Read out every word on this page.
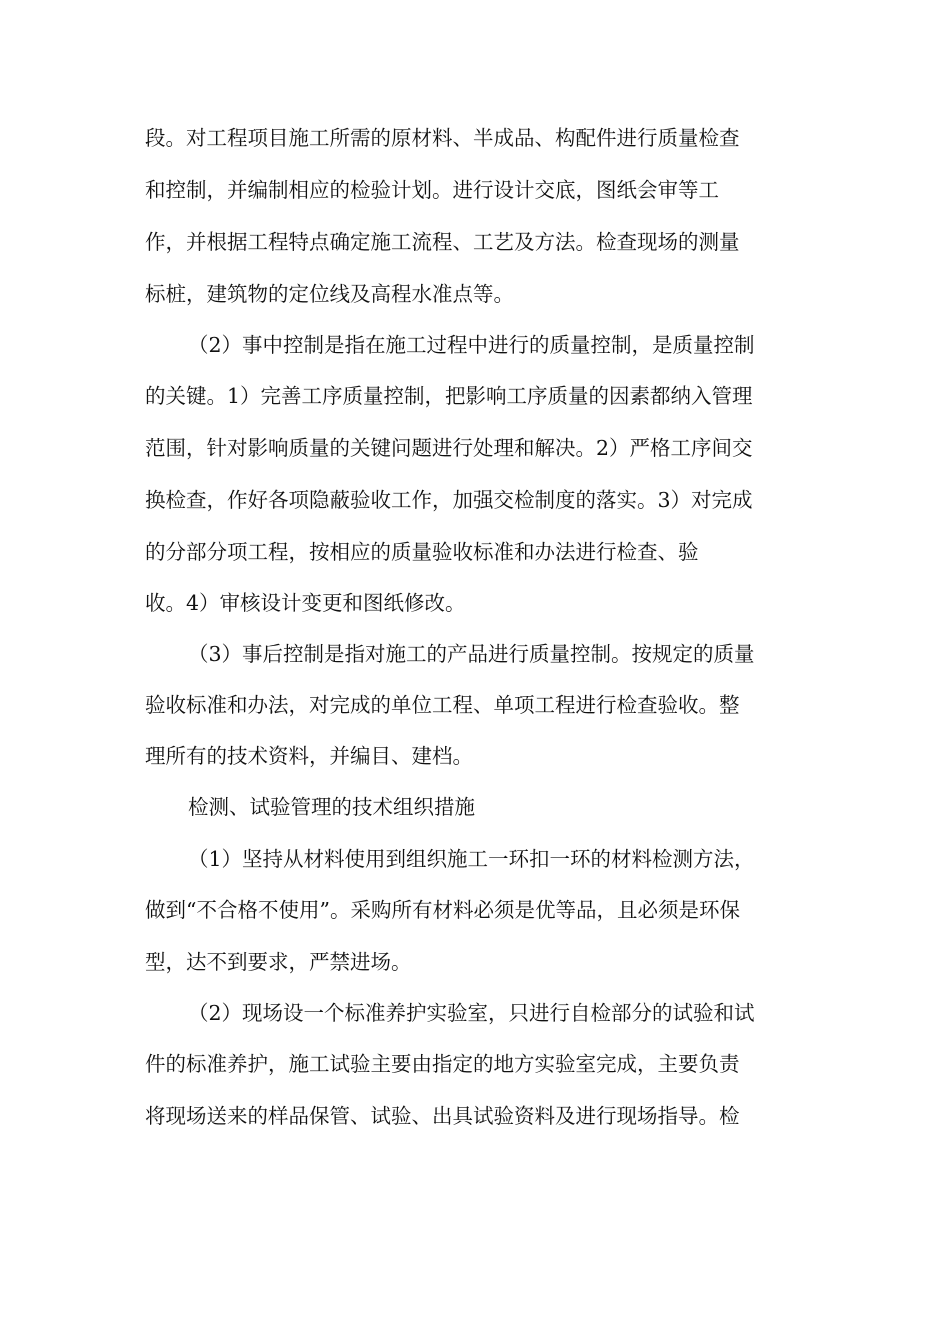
段。对工程项目施工所需的原材料、半成品、构配件进行质量检查
和控制，并编制相应的检验计划。进行设计交底，图纸会审等工
作，并根据工程特点确定施工流程、工艺及方法。检查现场的测量
标桩，建筑物的定位线及高程水准点等。
（2）事中控制是指在施工过程中进行的质量控制，是质量控制
的关键。1）完善工序质量控制，把影响工序质量的因素都纳入管理
范围，针对影响质量的关键问题进行处理和解决。2）严格工序间交
换检查，作好各项隐蔽验收工作，加强交检制度的落实。3）对完成
的分部分项工程，按相应的质量验收标准和办法进行检查、验
收。4）审核设计变更和图纸修改。
（3）事后控制是指对施工的产品进行质量控制。按规定的质量
验收标准和办法，对完成的单位工程、单项工程进行检查验收。整
理所有的技术资料，并编目、建档。
检测、试验管理的技术组织措施
（1）坚持从材料使用到组织施工一环扣一环的材料检测方法，
做到“不合格不使用”。采购所有材料必须是优等品，且必须是环保
型，达不到要求，严禁进场。
（2）现场设一个标准养护实验室，只进行自检部分的试验和试
件的标准养护，施工试验主要由指定的地方实验室完成，主要负责
将现场送来的样品保管、试验、出具试验资料及进行现场指导。检
